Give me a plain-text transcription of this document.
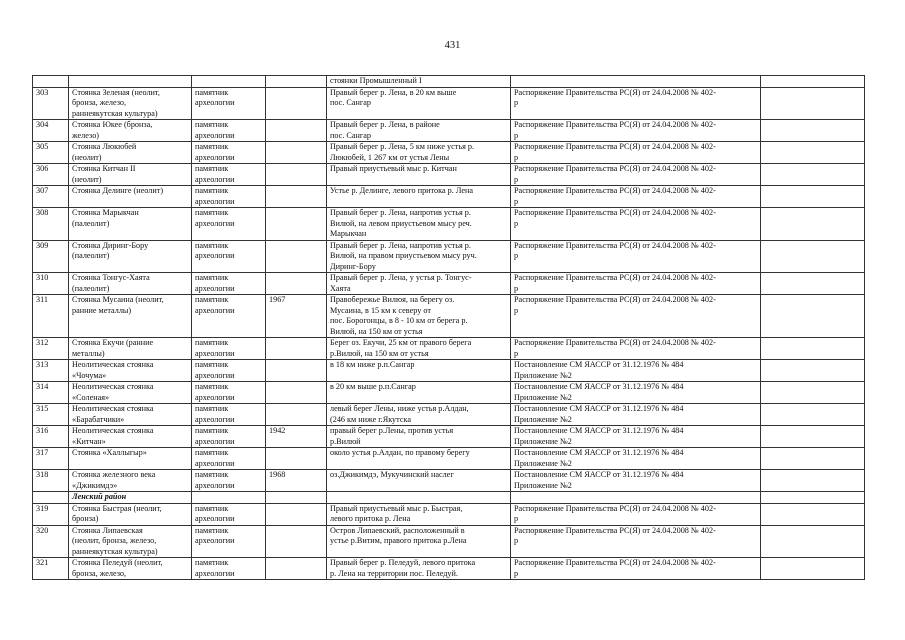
431
				стоянки Промышленный I		
303	Стоянка Зеленая (неолит,
бронза, железо,
раннеякутская культура)	памятник
археологии		Правый берег р. Лена, в 20 км выше
пос. Сангар	Распоряжение Правительства РС(Я) от 24.04.2008 № 402-
р	
304	Стоянка Юкее (бронза,
железо)	памятник
археологии		Правый берег р. Лена, в районе
пос. Сангар	Распоряжение Правительства РС(Я) от 24.04.2008 № 402-
р	
305	Стоянка Люкюбей
(неолит)	памятник
археологии		Правый берег р. Лена, 5 км ниже устья р.
Люкюбей, 1 267 км от устья Лены	Распоряжение Правительства РС(Я) от 24.04.2008 № 402-
р	
306	Стоянка Китчан II
(неолит)	памятник
археологии		Правый приустьевый мыс р. Китчан	Распоряжение Правительства РС(Я) от 24.04.2008 № 402-
р	
307	Стоянка Делинге (неолит)	памятник
археологии		Устье р. Делинге, левого притока р. Лена	Распоряжение Правительства РС(Я) от 24.04.2008 № 402-
р	
308	Стоянка Марыкчан
(палеолит)	памятник
археологии		Правый берег р. Лена, напротив устья р.
Вилюй, на левом приустьевом мысу реч.
Марыкчан	Распоряжение Правительства РС(Я) от 24.04.2008 № 402-
р	
309	Стоянка Диринг-Бору
(палеолит)	памятник
археологии		Правый берег р. Лена, напротив устья р.
Вилюй, на правом приустьевом мысу руч.
Диринг-Бору	Распоряжение Правительства РС(Я) от 24.04.2008 № 402-
р	
310	Стоянка Тонгус-Хаята
(палеолит)	памятник
археологии		Правый берег р. Лена, у устья р. Тонгус-
Хаята	Распоряжение Правительства РС(Я) от 24.04.2008 № 402-
р	
311	Стоянка Мусаина (неолит,
ранние металлы)	памятник
археологии	1967	Правобережье Вилюя, на берегу оз.
Мусаина, в 15 км к северу от
пос. Борогонцы, в 8 - 10 км от берега р.
Вилюй, на 150 км от устья	Распоряжение Правительства РС(Я) от 24.04.2008 № 402-
р	
312	Стоянка Екучи (ранние
металлы)	памятник
археологии		Берег оз. Екучи, 25 км от правого берега
р.Вилюй, на 150 км от устья	Распоряжение Правительства РС(Я) от 24.04.2008 № 402-
р	
313	Неолитическая стоянка
«Чочума»	памятник
археологии		в 18 км ниже р.п.Сангар	Постановление СМ ЯАССР от 31.12.1976 № 484
Приложение №2	
314	Неолитическая стоянка
«Соленая»	памятник
археологии		в 20 км выше р.п.Сангар	Постановление СМ ЯАССР от 31.12.1976 № 484
Приложение №2	
315	Неолитическая стоянка
«Барабатчики»	памятник
археологии		левый берег Лены, ниже устья р.Алдан,
(246 км ниже г.Якутска	Постановление СМ ЯАССР от 31.12.1976 № 484
Приложение №2	
316	Неолитическая стоянка
«Китчан»	памятник
археологии	1942	правый берег р.Лены, против устья
р.Вилюй	Постановление СМ ЯАССР от 31.12.1976 № 484
Приложение №2	
317	Стоянка «Халлыгыр»	памятник
археологии		около устья р.Алдан, по правому берегу	Постановление СМ ЯАССР от 31.12.1976 № 484
Приложение №2	
318	Стоянка железного века
«Джикимдэ»	памятник
археологии	1968	оз.Джикимдэ, Мукучинский наслег	Постановление СМ ЯАССР от 31.12.1976 № 484
Приложение №2	
	Ленский район					
319	Стоянка Быстрая (неолит,
бронза)	памятник
археологии		Правый приустьевый мыс р. Быстрая,
левого притока р. Лена	Распоряжение Правительства РС(Я) от 24.04.2008 № 402-
р	
320	Стоянка Липаевская
(неолит, бронза, железо,
раннеякутская культура)	памятник
археологии		Остров Липаевский, расположенный в
устье р.Витим, правого притока р.Лена	Распоряжение Правительства РС(Я) от 24.04.2008 № 402-
р	
321	Стоянка Пеледуй (неолит,
бронза, железо,	памятник
археологии		Правый берег р. Пеледуй, левого притока
р. Лена на территории пос. Пеледуй.	Распоряжение Правительства РС(Я) от 24.04.2008 № 402-
р	
